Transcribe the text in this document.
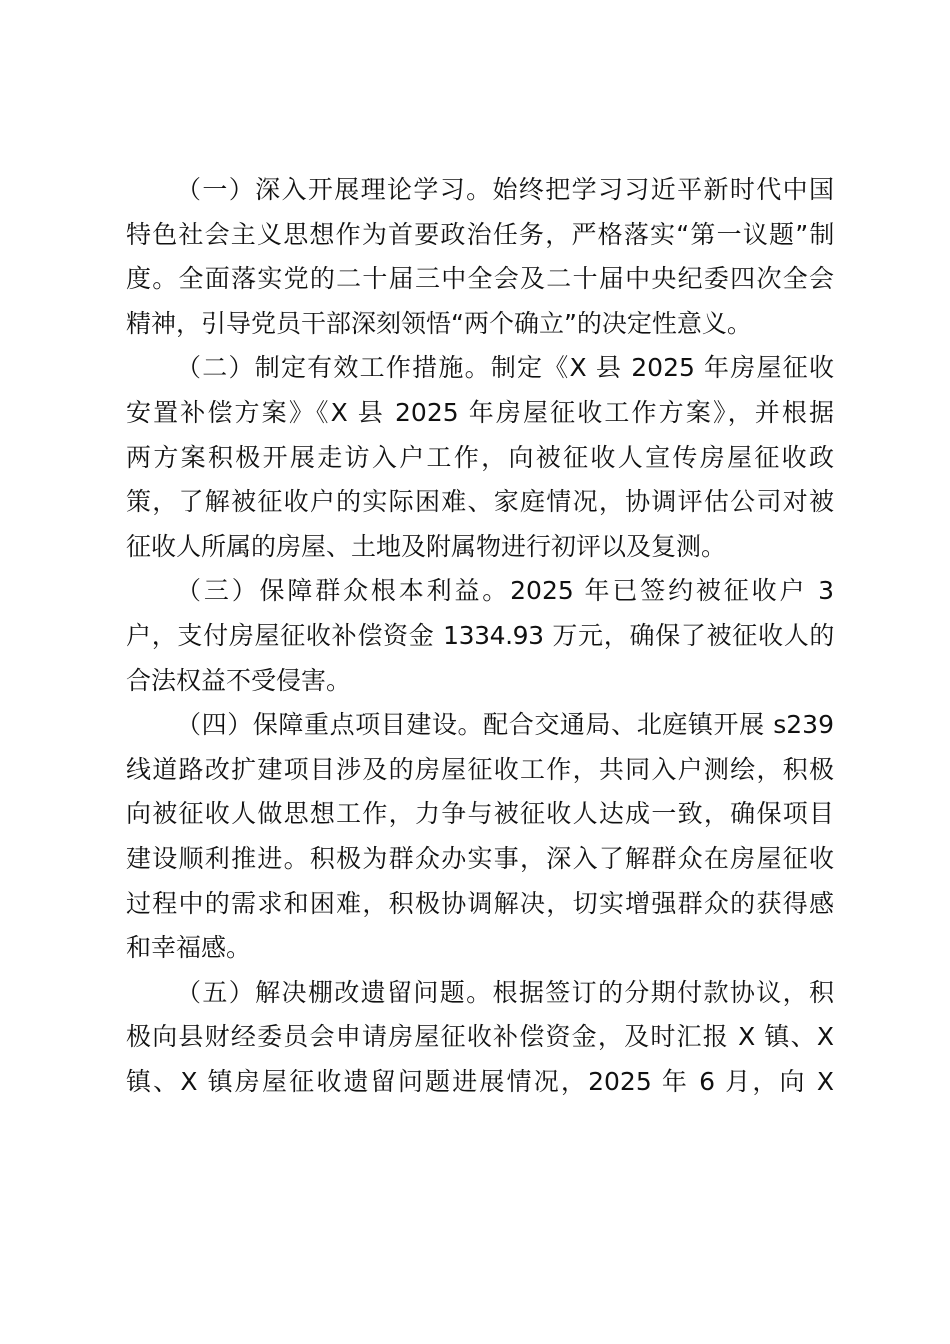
（一）深入开展理论学习。始终把学习习近平新时代中国
特色社会主义思想作为首要政治任务，严格落实“第一议题”制
度。全面落实党的二十届三中全会及二十届中央纪委四次全会
精神，引导党员干部深刻领悟“两个确立”的决定性意义。
（二）制定有效工作措施。制定《X 县 2025 年房屋征收
安置补偿方案》《X 县 2025 年房屋征收工作方案》，并根据
两方案积极开展走访入户工作，向被征收人宣传房屋征收政
策，了解被征收户的实际困难、家庭情况，协调评估公司对被
征收人所属的房屋、土地及附属物进行初评以及复测。
（三）保障群众根本利益。2025 年已签约被征收户 3
户，支付房屋征收补偿资金 1334.93 万元，确保了被征收人的
合法权益不受侵害。
（四）保障重点项目建设。配合交通局、北庭镇开展 s239
线道路改扩建项目涉及的房屋征收工作，共同入户测绘，积极
向被征收人做思想工作，力争与被征收人达成一致，确保项目
建设顺利推进。积极为群众办实事，深入了解群众在房屋征收
过程中的需求和困难，积极协调解决，切实增强群众的获得感
和幸福感。
（五）解决棚改遗留问题。根据签订的分期付款协议，积
极向县财经委员会申请房屋征收补偿资金，及时汇报 X 镇、X
镇、X 镇房屋征收遗留问题进展情况，2025 年 6 月，向 X
